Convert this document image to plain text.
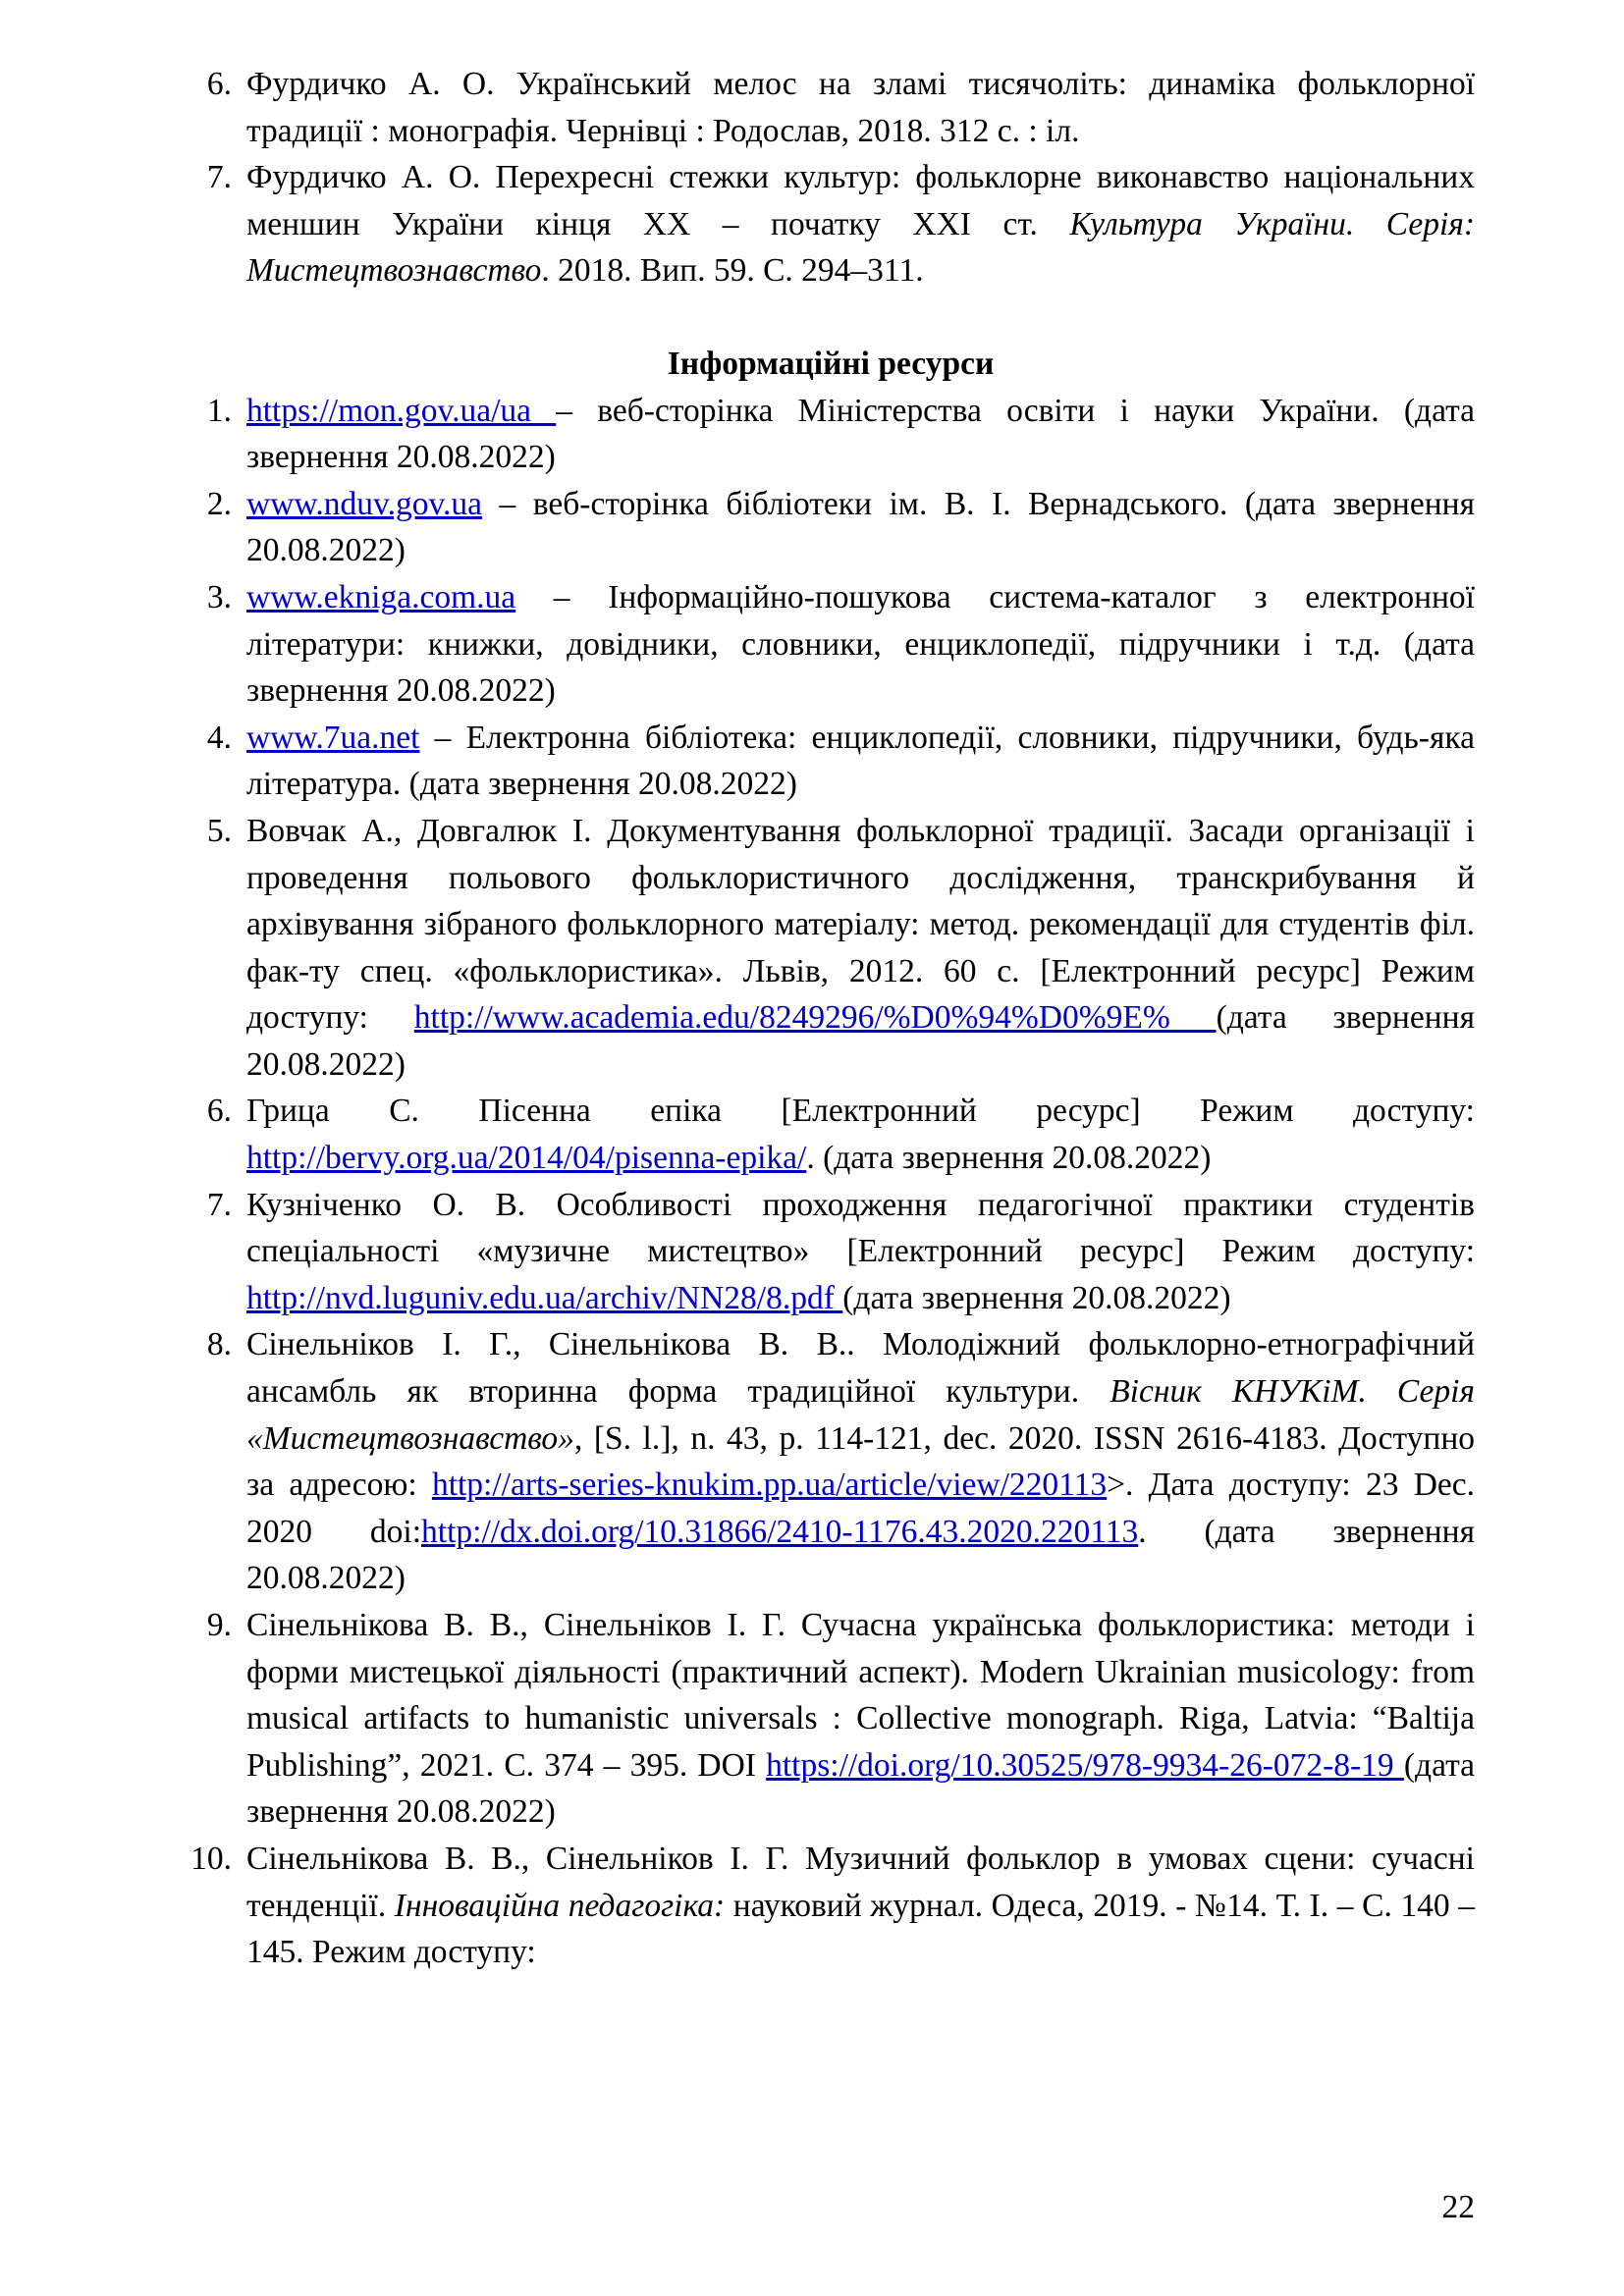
6. Фурдичко А. О. Український мелос на зламі тисячоліть: динаміка фольклорної традиції : монографія. Чернівці : Родослав, 2018. 312 с. : іл.
7. Фурдичко А. О. Перехресні стежки культур: фольклорне виконавство національних меншин України кінця ХХ – початку ХХІ ст. Культура України. Серія: Мистецтвознавство. 2018. Вип. 59. С. 294–311.
Інформаційні ресурси
1. https://mon.gov.ua/ua – веб-сторінка Міністерства освіти і науки України. (дата звернення 20.08.2022)
2. www.nduv.gov.ua – веб-сторінка бібліотеки ім. В. І. Вернадського. (дата звернення 20.08.2022)
3. www.ekniga.com.ua – Інформаційно-пошукова система-каталог з електронної літератури: книжки, довідники, словники, енциклопедії, підручники і т.д. (дата звернення 20.08.2022)
4. www.7ua.net – Електронна бібліотека: енциклопедії, словники, підручники, будь-яка література. (дата звернення 20.08.2022)
5. Вовчак А., Довгалюк І. Документування фольклорної традиції. Засади організації і проведення польового фольклористичного дослідження, транскрибування й архівування зібраного фольклорного матеріалу: метод. рекомендації для студентів філ. фак-ту спец. «фольклористика». Львів, 2012. 60 с. [Електронний ресурс] Режим доступу: http://www.academia.edu/8249296/%D0%94%D0%9E% (дата звернення 20.08.2022)
6. Грица С. Пісенна епіка [Електронний ресурс] Режим доступу: http://bervy.org.ua/2014/04/pisenna-epika/. (дата звернення 20.08.2022)
7. Кузніченко О. В. Особливості проходження педагогічної практики студентів спеціальності «музичне мистецтво» [Електронний ресурс] Режим доступу: http://nvd.luguniv.edu.ua/archiv/NN28/8.pdf (дата звернення 20.08.2022)
8. Сінельніков І. Г., Сінельнікова В. В.. Молодіжний фольклорно-етнографічний ансамбль як вторинна форма традиційної культури. Вісник КНУКіМ. Серія «Мистецтвознавство», [S. l.], n. 43, p. 114-121, dec. 2020. ISSN 2616-4183. Доступно за адресою: http://arts-series-knukim.pp.ua/article/view/220113>. Дата доступу: 23 Dec. 2020 doi:http://dx.doi.org/10.31866/2410-1176.43.2020.220113. (дата звернення 20.08.2022)
9. Сінельнікова В. В., Сінельніков І. Г. Сучасна українська фольклористика: методи і форми мистецької діяльності (практичний аспект). Modern Ukrainian musicology: from musical artifacts to humanistic universals : Collective monograph. Riga, Latvia: “Baltija Publishing”, 2021. С. 374 – 395. DOI https://doi.org/10.30525/978-9934-26-072-8-19 (дата звернення 20.08.2022)
10. Сінельнікова В. В., Сінельніков І. Г. Музичний фольклор в умовах сцени: сучасні тенденції. Інноваційна педагогіка: науковий журнал. Одеса, 2019. - №14. Т. І. – С. 140 – 145. Режим доступу:
22
